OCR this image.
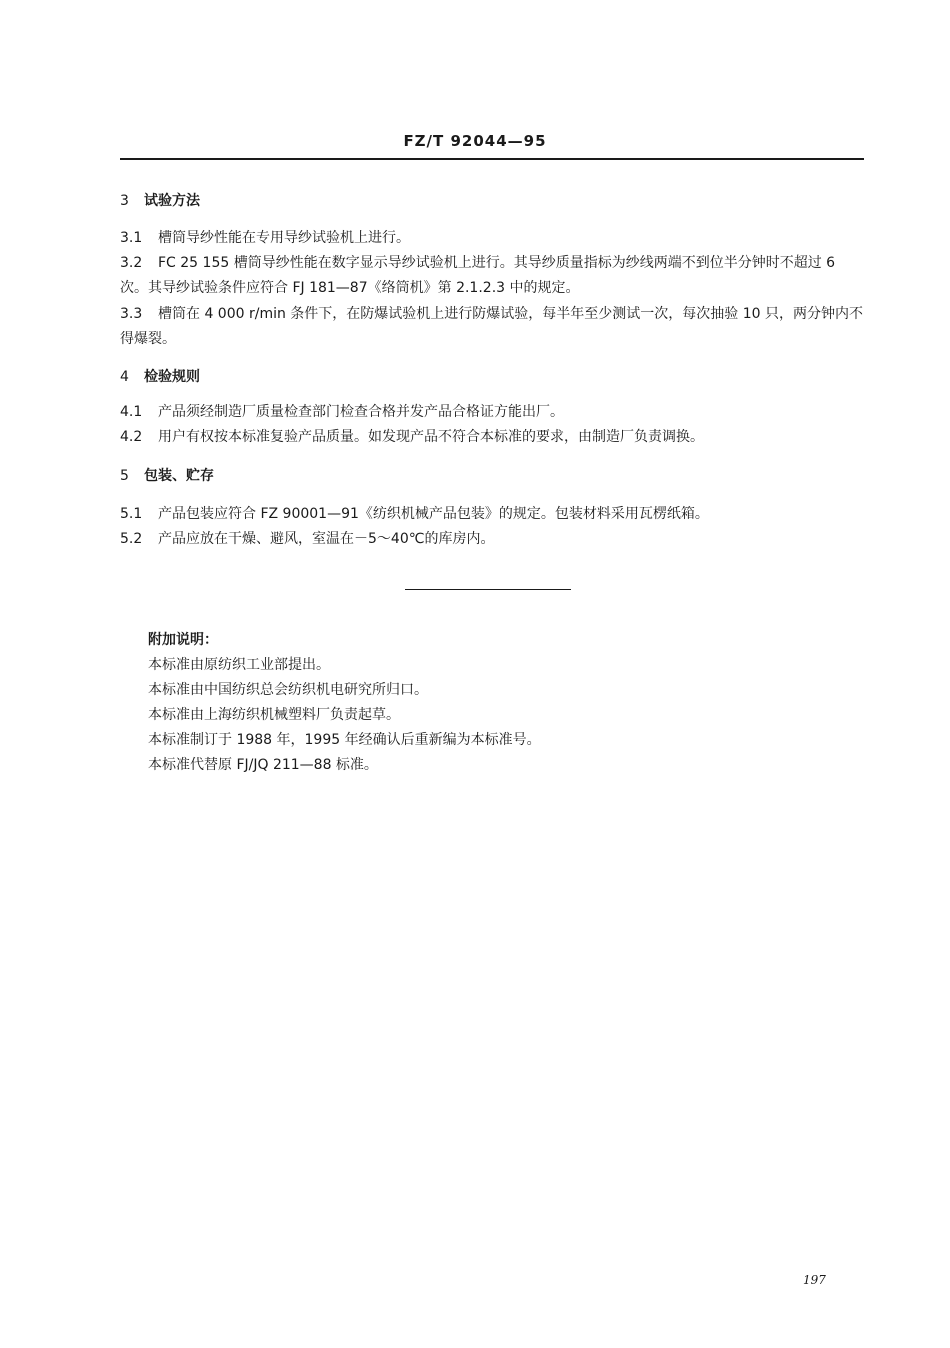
FZ/T 92044—95
3 试验方法
3.1 槽筒导纱性能在专用导纱试验机上进行。
3.2 FC 25 155 槽筒导纱性能在数字显示导纱试验机上进行。其导纱质量指标为纱线两端不到位半分钟时不超过 6 次。其导纱试验条件应符合 FJ 181—87《络筒机》第 2.1.2.3 中的规定。
3.3 槽筒在 4 000 r/min 条件下，在防爆试验机上进行防爆试验，每半年至少测试一次，每次抽验 10 只，两分钟内不得爆裂。
4 检验规则
4.1 产品须经制造厂质量检查部门检查合格并发产品合格证方能出厂。
4.2 用户有权按本标准复验产品质量。如发现产品不符合本标准的要求，由制造厂负责调换。
5 包装、贮存
5.1 产品包装应符合 FZ 90001—91《纺织机械产品包装》的规定。包装材料采用瓦楞纸箱。
5.2 产品应放在干燥、避风，室温在－5～40℃的库房内。
附加说明：
本标准由原纺织工业部提出。
本标准由中国纺织总会纺织机电研究所归口。
本标准由上海纺织机械塑料厂负责起草。
本标准制订于 1988 年，1995 年经确认后重新编为本标准号。
本标准代替原 FJ/JQ 211—88 标准。
197
